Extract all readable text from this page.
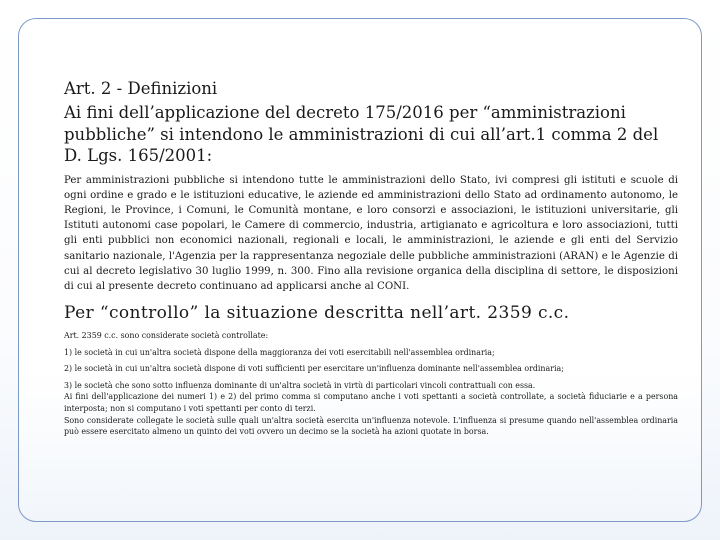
Art. 2 - Definizioni
Ai fini dell’applicazione del decreto 175/2016 per “amministrazioni pubbliche” si intendono le amministrazioni di cui all’art.1 comma 2 del D. Lgs. 165/2001:

Per amministrazioni pubbliche si intendono tutte le amministrazioni dello Stato, ivi compresi gli istituti e scuole di ogni ordine e grado e le istituzioni educative, le aziende ed amministrazioni dello Stato ad ordinamento autonomo, le Regioni, le Province, i Comuni, le Comunità montane, e loro consorzi e associazioni, le istituzioni universitarie, gli Istituti autonomi case popolari, le Camere di commercio, industria, artigianato e agricoltura e loro associazioni, tutti gli enti pubblici non economici nazionali, regionali e locali, le amministrazioni, le aziende e gli enti del Servizio sanitario nazionale, l'Agenzia per la rappresentanza negoziale delle pubbliche amministrazioni (ARAN) e le Agenzie di cui al decreto legislativo 30 luglio 1999, n. 300. Fino alla revisione organica della disciplina di settore, le disposizioni di cui al presente decreto continuano ad applicarsi anche al CONI.

Per “controllo” la situazione descritta nell’art. 2359 c.c.
Art. 2359 c.c. sono considerate società controllate:
1) le società in cui un'altra società dispone della maggioranza dei voti esercitabili nell'assemblea ordinaria;
2) le società in cui un'altra società dispone di voti sufficienti per esercitare un'influenza dominante nell'assemblea ordinaria;
3) le società che sono sotto influenza dominante di un'altra società in virtù di particolari vincoli contrattuali con essa.
Ai fini dell'applicazione dei numeri 1) e 2) del primo comma si computano anche i voti spettanti a società controllate, a società fiduciarie e a persona interposta; non si computano i voti spettanti per conto di terzi.
Sono considerate collegate le società sulle quali un'altra società esercita un'influenza notevole. L'influenza si presume quando nell'assemblea ordinaria può essere esercitato almeno un quinto dei voti ovvero un decimo se la società ha azioni quotate in borsa.
